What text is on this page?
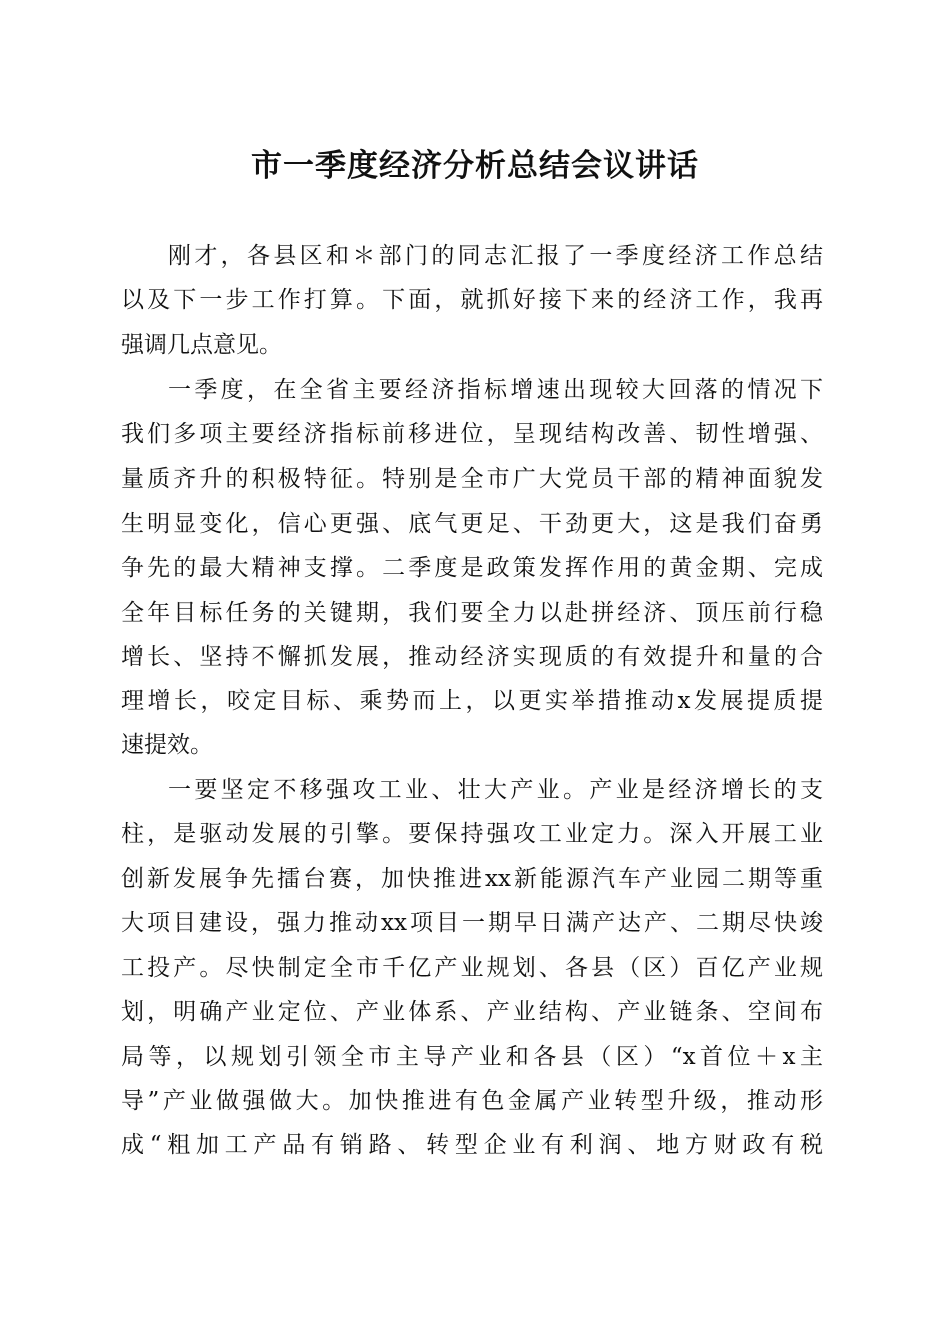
市一季度经济分析总结会议讲话
刚才，各县区和＊部门的同志汇报了一季度经济工作总结
以及下一步工作打算。下面，就抓好接下来的经济工作，我再
强调几点意见。
一季度，在全省主要经济指标增速出现较大回落的情况下
我们多项主要经济指标前移进位，呈现结构改善、韧性增强、
量质齐升的积极特征。特别是全市广大党员干部的精神面貌发
生明显变化，信心更强、底气更足、干劲更大，这是我们奋勇
争先的最大精神支撑。二季度是政策发挥作用的黄金期、完成
全年目标任务的关键期，我们要全力以赴拼经济、顶压前行稳
增长、坚持不懈抓发展，推动经济实现质的有效提升和量的合
理增长，咬定目标、乘势而上，以更实举措推动x发展提质提
速提效。
一要坚定不移强攻工业、壮大产业。产业是经济增长的支
柱，是驱动发展的引擎。要保持强攻工业定力。深入开展工业
创新发展争先擂台赛，加快推进xx新能源汽车产业园二期等重
大项目建设，强力推动xx项目一期早日满产达产、二期尽快竣
工投产。尽快制定全市千亿产业规划、各县（区）百亿产业规
划，明确产业定位、产业体系、产业结构、产业链条、空间布
局等，以规划引领全市主导产业和各县（区）“x首位＋x主
导”产业做强做大。加快推进有色金属产业转型升级，推动形
成“粗加工产品有销路、转型企业有利润、地方财政有税
